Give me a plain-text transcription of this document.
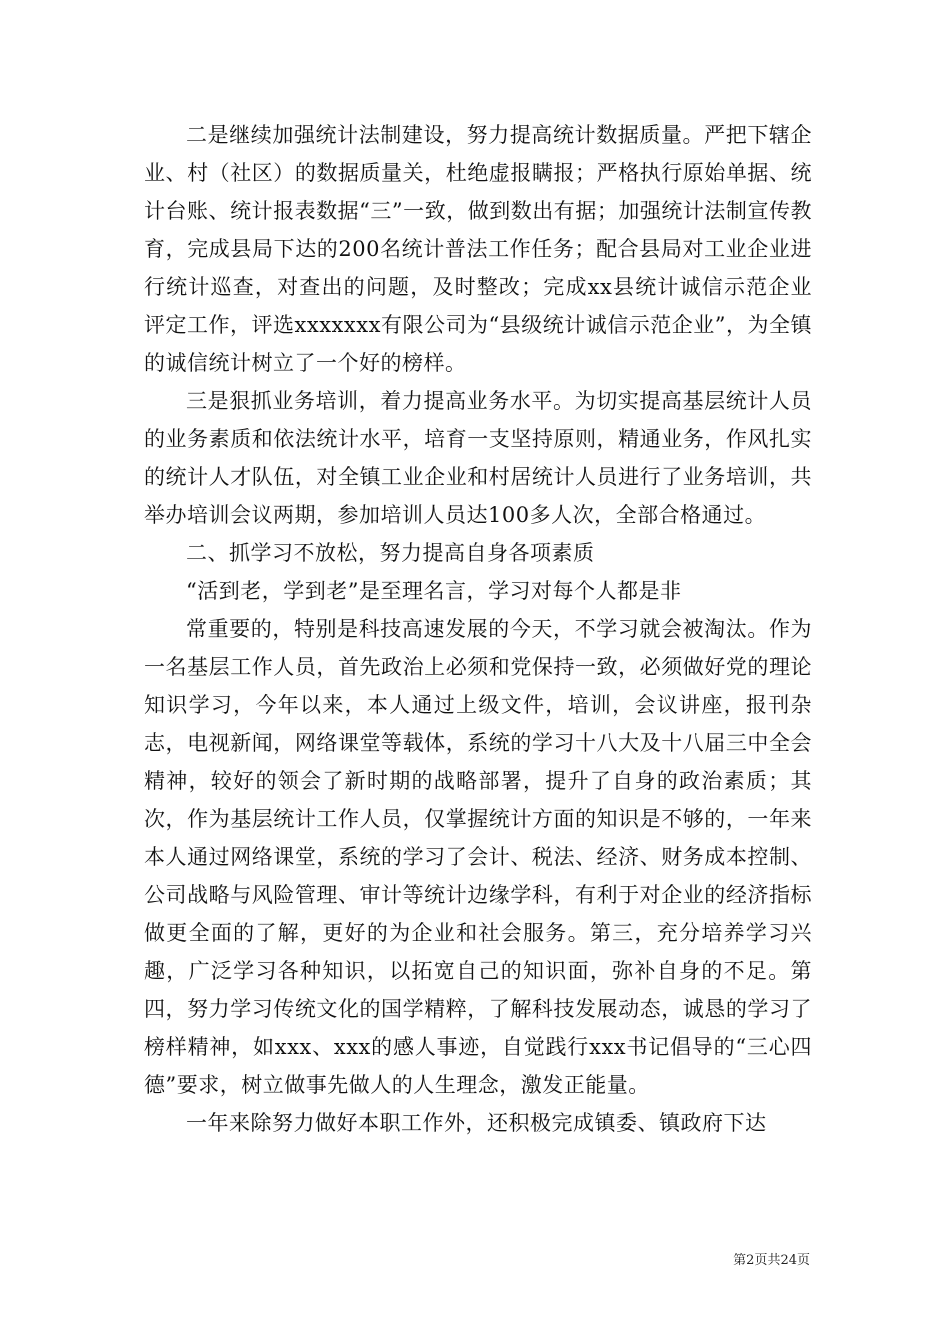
二是继续加强统计法制建设，努力提高统计数据质量。严把下辖企业、村（社区）的数据质量关，杜绝虚报瞒报；严格执行原始单据、统计台账、统计报表数据“三”一致，做到数出有据；加强统计法制宣传教育，完成县局下达的200名统计普法工作任务；配合县局对工业企业进行统计巡查，对查出的问题，及时整改；完成xx县统计诚信示范企业评定工作，评选xxxxxxx有限公司为“县级统计诚信示范企业”，为全镇的诚信统计树立了一个好的榜样。

三是狠抓业务培训，着力提高业务水平。为切实提高基层统计人员的业务素质和依法统计水平，培育一支坚持原则，精通业务，作风扎实的统计人才队伍，对全镇工业企业和村居统计人员进行了业务培训，共举办培训会议两期，参加培训人员达100多人次，全部合格通过。

二、抓学习不放松，努力提高自身各项素质

“活到老，学到老”是至理名言，学习对每个人都是非

常重要的，特别是科技高速发展的今天，不学习就会被淘汰。作为一名基层工作人员，首先政治上必须和党保持一致，必须做好党的理论知识学习，今年以来，本人通过上级文件，培训，会议讲座，报刊杂志，电视新闻，网络课堂等载体，系统的学习十八大及十八届三中全会精神，较好的领会了新时期的战略部署，提升了自身的政治素质；其次，作为基层统计工作人员，仅掌握统计方面的知识是不够的，一年来本人通过网络课堂，系统的学习了会计、税法、经济、财务成本控制、公司战略与风险管理、审计等统计边缘学科，有利于对企业的经济指标做更全面的了解，更好的为企业和社会服务。第三，充分培养学习兴趣，广泛学习各种知识，以拓宽自己的知识面，弥补自身的不足。第四，努力学习传统文化的国学精粹，了解科技发展动态，诚恳的学习了榜样精神，如xxx、xxx的感人事迹，自觉践行xxx书记倡导的“三心四德”要求，树立做事先做人的人生理念，激发正能量。

一年来除努力做好本职工作外，还积极完成镇委、镇政府下达

第2页共24页
